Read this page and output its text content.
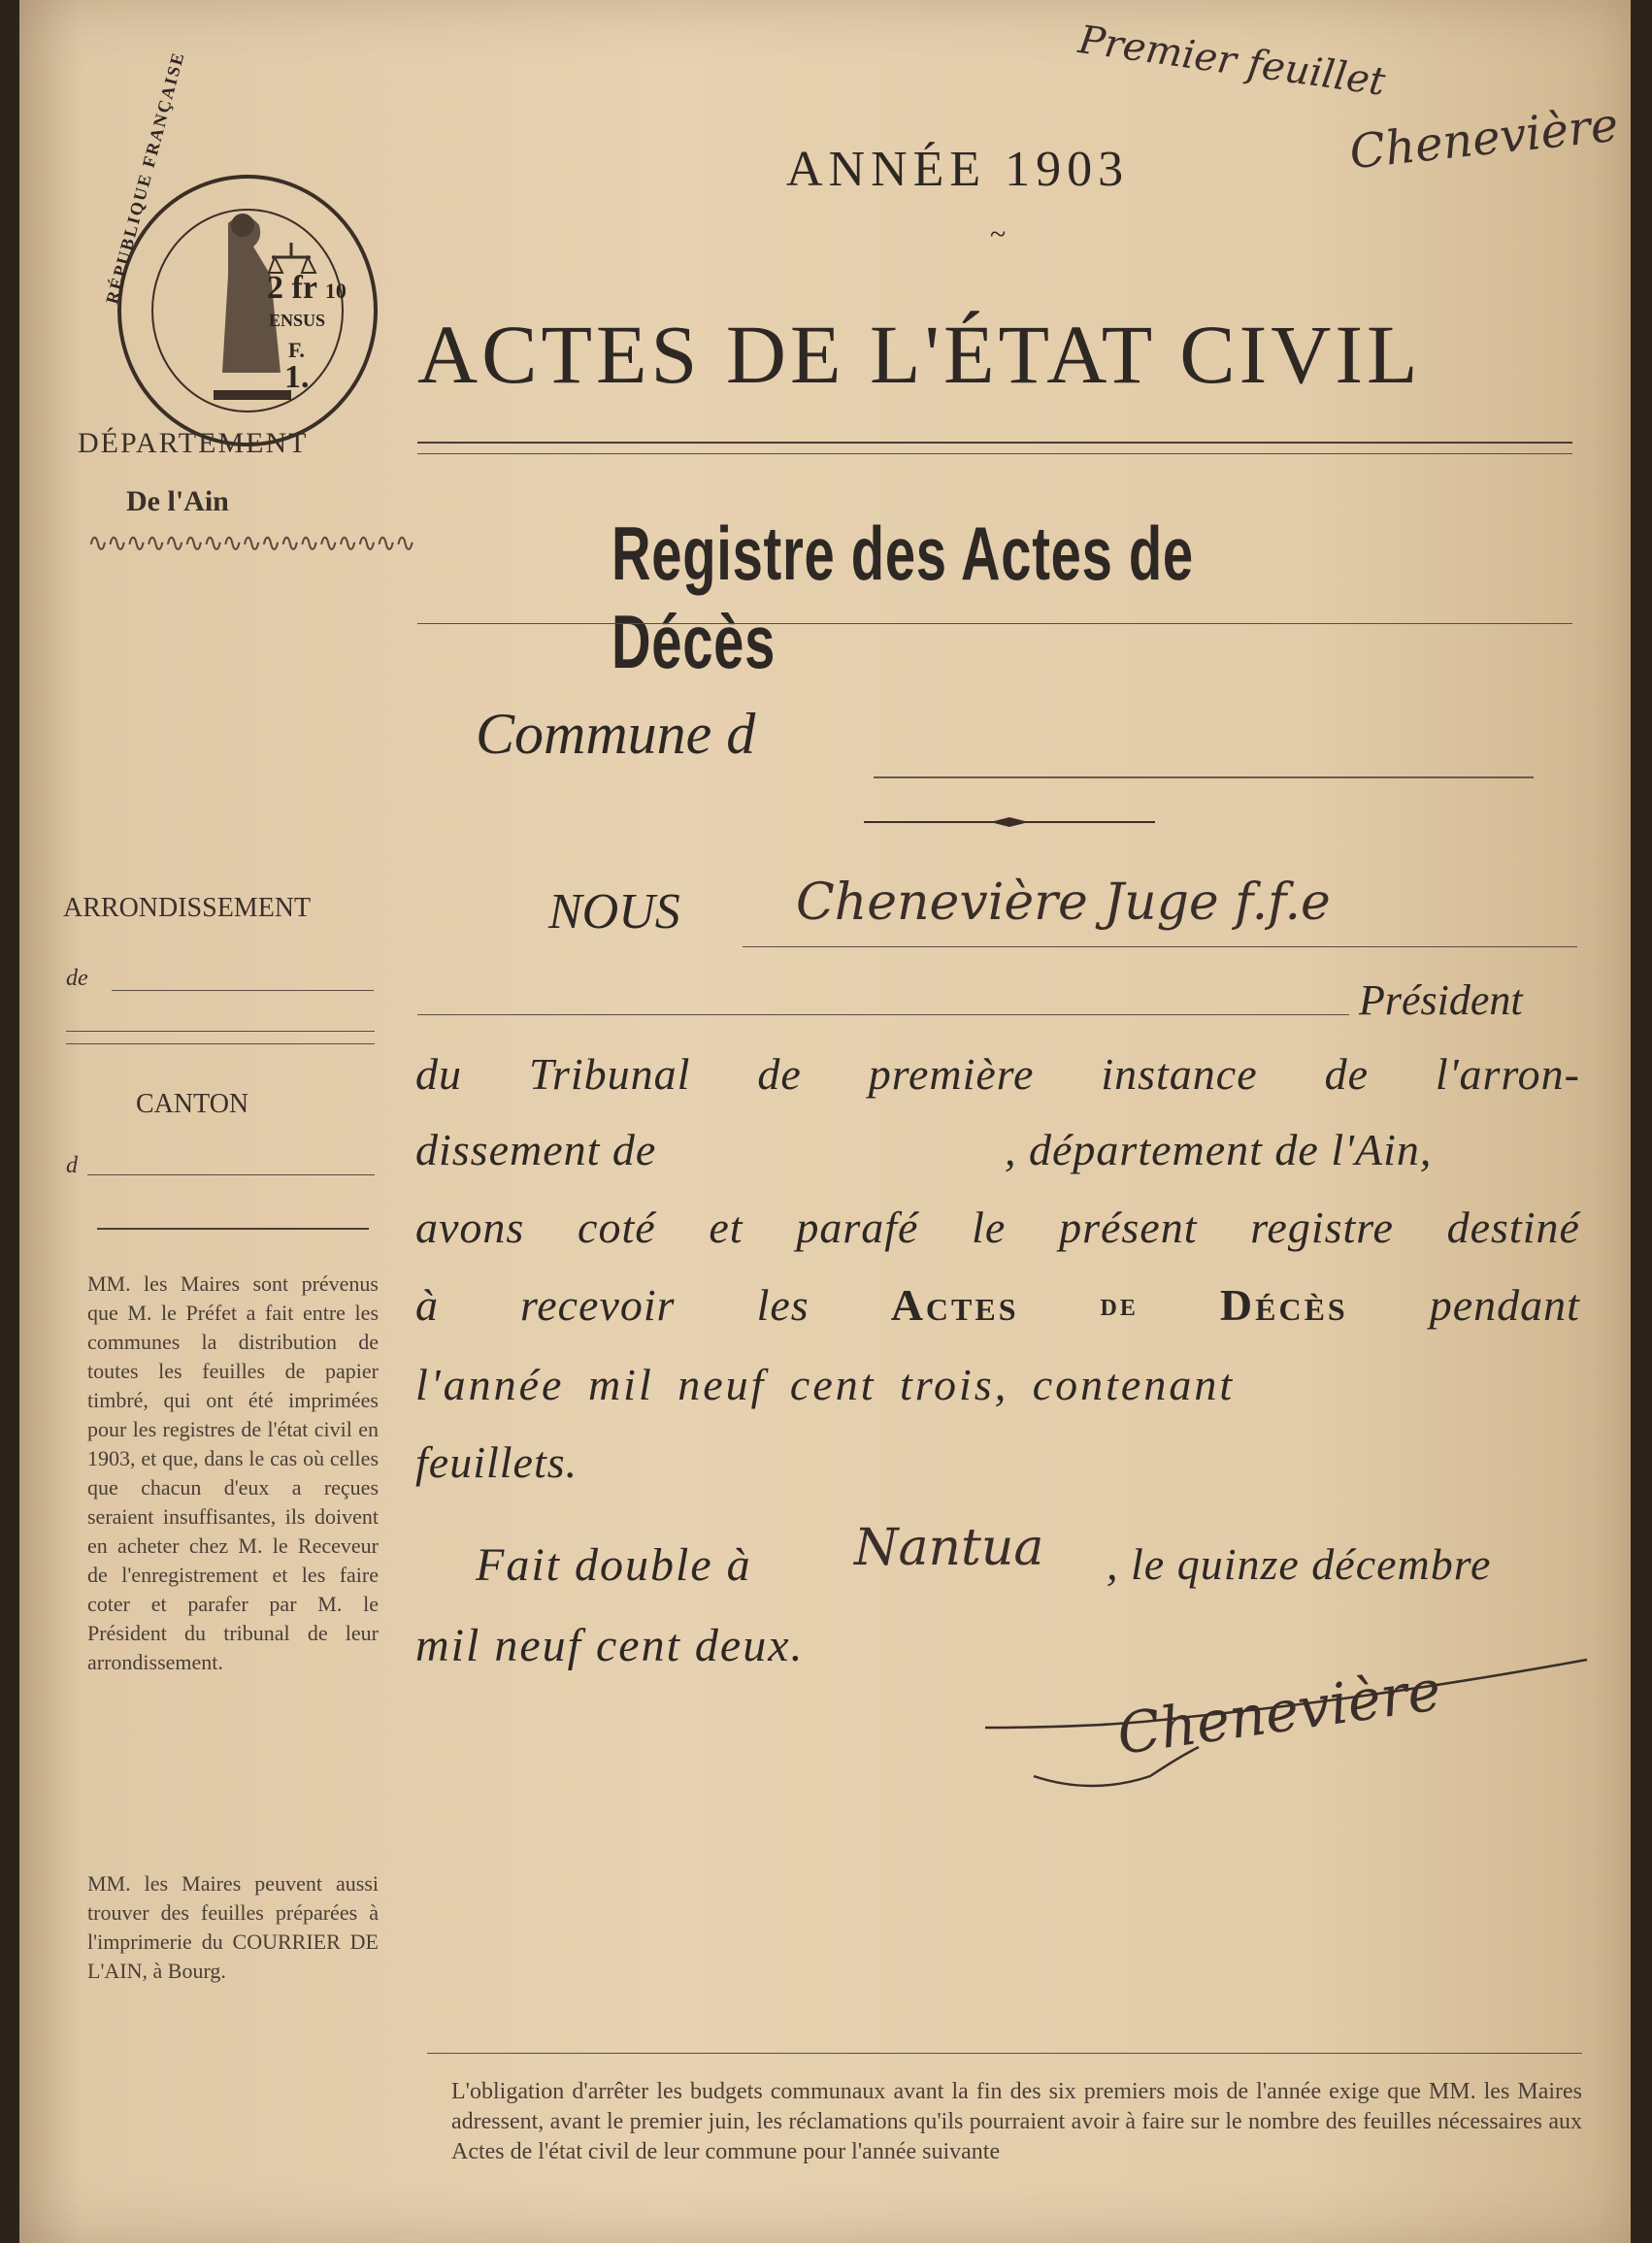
Premier feuillet
Chenevière
RÉPUBLIQUE FRANÇAISE 2 fr 10
ENSUS
F.
1.
DÉPARTEMENT
De l'Ain
∿∿∿∿∿∿∿∿∿∿∿∿∿∿∿∿∿
ANNÉE 1903
~
ACTES DE L'ÉTAT CIVIL
Registre des Actes de Décès
Commune d
ARRONDISSEMENT
de
CANTON
d
MM. les Maires sont prévenus que M. le Préfet a fait entre les communes la distribution de toutes les feuilles de papier timbré, qui ont été imprimées pour les registres de l'état civil en 1903, et que, dans le cas où celles que chacun d'eux a reçues seraient insuffisantes, ils doivent en acheter chez M. le Receveur de l'enregistrement et les faire coter et parafer par M. le Président du tribunal de leur arrondissement.
MM. les Maires peuvent aussi trouver des feuilles préparées à l'imprimerie du COURRIER DE L'AIN, à Bourg.
NOUS Chenevière Juge f.f.e
Président
du Tribunal de première instance de l'arron-
dissement de	, département de l'Ain,
avons coté et parafé le présent registre destiné
à recevoir les Actes de Décès pendant
l'année mil neuf cent trois, contenant
feuillets.
Fait double à Nantua , le quinze décembre
mil neuf cent deux.
Chenevière
L'obligation d'arrêter les budgets communaux avant la fin des six premiers mois de l'année exige que MM. les Maires adressent, avant le premier juin, les réclamations qu'ils pourraient avoir à faire sur le nombre des feuilles nécessaires aux Actes de l'état civil de leur commune pour l'année suivante
